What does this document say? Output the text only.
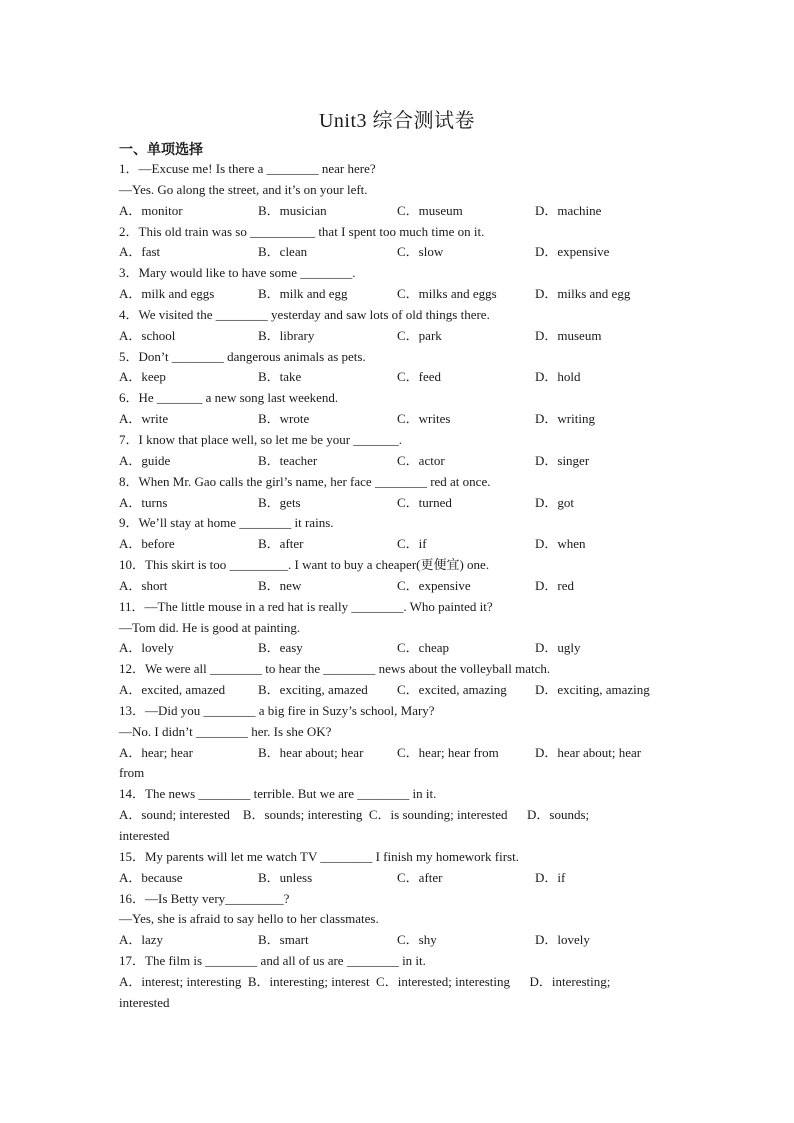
Unit3 综合测试卷
一、单项选择
1．—Excuse me! Is there a ________ near here?
—Yes. Go along the street, and it’s on your left.
A．monitor	B．musician	C．museum	D．machine
2．This old train was so __________ that I spent too much time on it.
A．fast	B．clean	C．slow	D．expensive
3．Mary would like to have some ________.
A．milk and eggs	B．milk and egg	C．milks and eggs	D．milks and egg
4．We visited the ________ yesterday and saw lots of old things there.
A．school	B．library	C．park	D．museum
5．Don’t ________ dangerous animals as pets.
A．keep	B．take	C．feed	D．hold
6．He _______ a new song last weekend.
A．write	B．wrote	C．writes	D．writing
7．I know that place well, so let me be your _______.
A．guide	B．teacher	C．actor	D．singer
8．When Mr. Gao calls the girl’s name, her face ________ red at once.
A．turns	B．gets	C．turned	D．got
9．We’ll stay at home ________ it rains.
A．before	B．after	C．if	D．when
10．This skirt is too _________. I want to buy a cheaper(更便宜) one.
A．short	B．new	C．expensive	D．red
11．—The little mouse in a red hat is really ________. Who painted it?
—Tom did. He is good at painting.
A．lovely	B．easy	C．cheap	D．ugly
12．We were all ________ to hear the ________ news about the volleyball match.
A．excited, amazed	B．exciting, amazed C．excited, amazing D．exciting, amazing
13．—Did you ________ a big fire in Suzy’s school, Mary?
—No. I didn’t ________ her. Is she OK?
A．hear; hear	B．hear about; hear	C．hear; hear from	D．hear about; hear
from
14．The news ________ terrible. But we are ________ in it.
A．sound; interested    B．sounds; interesting  C．is sounding; interested      D．sounds;
interested
15．My parents will let me watch TV ________ I finish my homework first.
A．because	B．unless	C．after	D．if
16．—Is Betty very_________?
—Yes, she is afraid to say hello to her classmates.
A．lazy	B．smart	C．shy	D．lovely
17．The film is ________ and all of us are ________ in it.
A．interest; interesting  B．interesting; interest  C．interested; interesting      D．interesting;
interested
